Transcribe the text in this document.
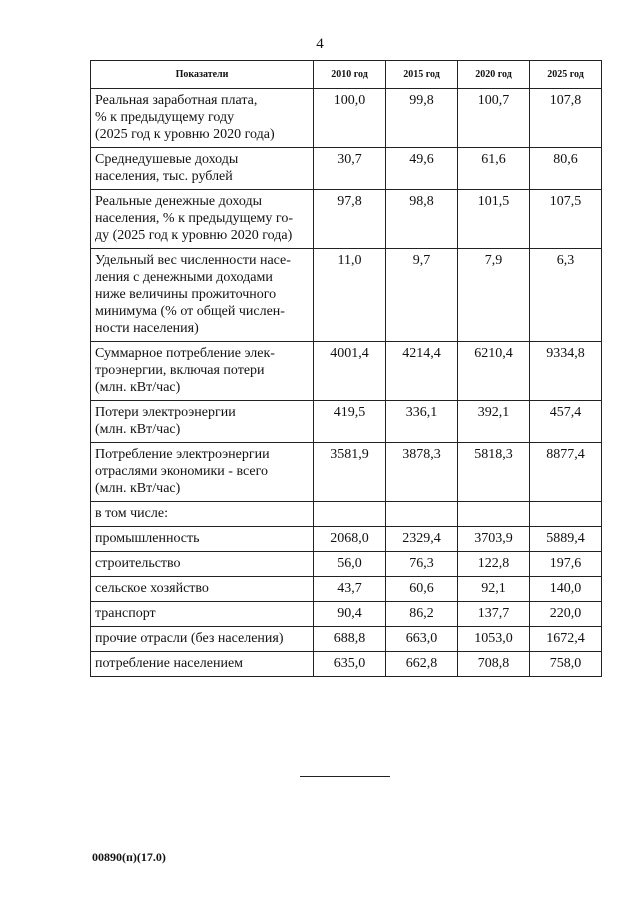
4
Показатели	2010 год	2015 год	2020 год	2025 год

Реальная заработная плата,
% к предыдущему году
(2025 год к уровню 2020 года)	100,0	99,8	100,7	107,8

Среднедушевые доходы
населения, тыс. рублей	30,7	49,6	61,6	80,6

Реальные денежные доходы
населения, % к предыдущему го-
ду (2025 год к уровню 2020 года)	97,8	98,8	101,5	107,5

Удельный вес численности насе-
ления с денежными доходами
ниже величины прожиточного
минимума (% от общей числен-
ности населения)	11,0	9,7	7,9	6,3

Суммарное потребление элек-
троэнергии, включая потери
(млн. кВт/час)	4001,4	4214,4	6210,4	9334,8

Потери электроэнергии
(млн. кВт/час)	419,5	336,1	392,1	457,4

Потребление электроэнергии
отраслями экономики - всего
(млн. кВт/час)	3581,9	3878,3	5818,3	8877,4

в том числе:				

промышленность	2068,0	2329,4	3703,9	5889,4

строительство	56,0	76,3	122,8	197,6

сельское хозяйство	43,7	60,6	92,1	140,0

транспорт	90,4	86,2	137,7	220,0

прочие отрасли (без населения)	688,8	663,0	1053,0	1672,4

потребление населением	635,0	662,8	708,8	758,0
00890(п)(17.0)
